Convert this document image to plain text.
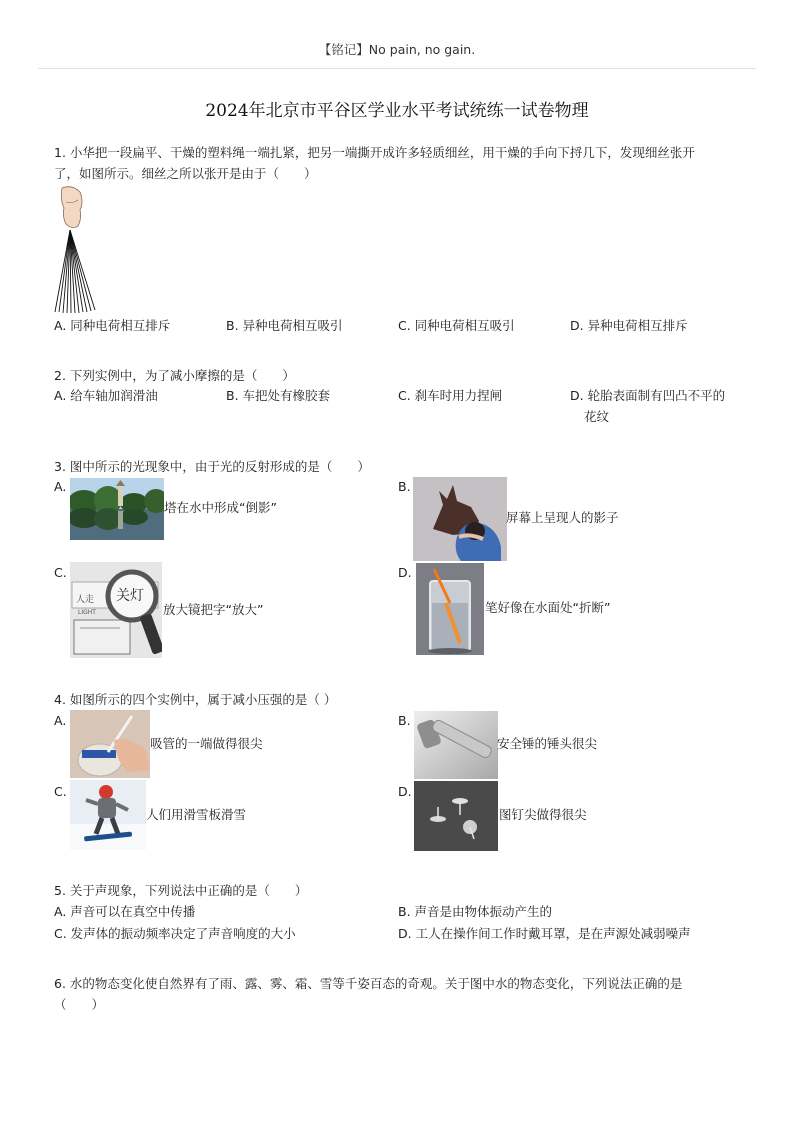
【铭记】No pain, no gain.
2024年北京市平谷区学业水平考试统练一试卷物理
1. 小华把一段扁平、干燥的塑料绳一端扎紧，把另一端撕开成许多轻质细丝，用干燥的手向下捋几下，发现细丝张开
了，如图所示。细丝之所以张开是由于（　　）
A. 同种电荷相互排斥	B. 异种电荷相互吸引	C. 同种电荷相互吸引	D. 异种电荷相互排斥
2. 下列实例中，为了减小摩擦的是（　　）
A. 给车轴加润滑油	B. 车把处有橡胶套	C. 刹车时用力捏闸	D. 轮胎表面制有凹凸不平的
花纹
3. 图中所示的光现象中，由于光的反射形成的是（　　）
A.
塔在水中形成“倒影”
B.
屏幕上呈现人的影子
C.
人走 关灯
LIGHT	放大镜把字“放大”
D.
笔好像在水面处“折断”
4. 如图所示的四个实例中，属于减小压强的是（ ）
A.
吸管的一端做得很尖
B.
安全锤的锤头很尖
C.
人们用滑雪板滑雪
D.
图钉尖做得很尖
5. 关于声现象，下列说法中正确的是（　　）
A. 声音可以在真空中传播	B. 声音是由物体振动产生的
C. 发声体的振动频率决定了声音响度的大小	D. 工人在操作间工作时戴耳罩，是在声源处减弱噪声
6. 水的物态变化使自然界有了雨、露、雾、霜、雪等千姿百态的奇观。关于图中水的物态变化，下列说法正确的是
（　　）
